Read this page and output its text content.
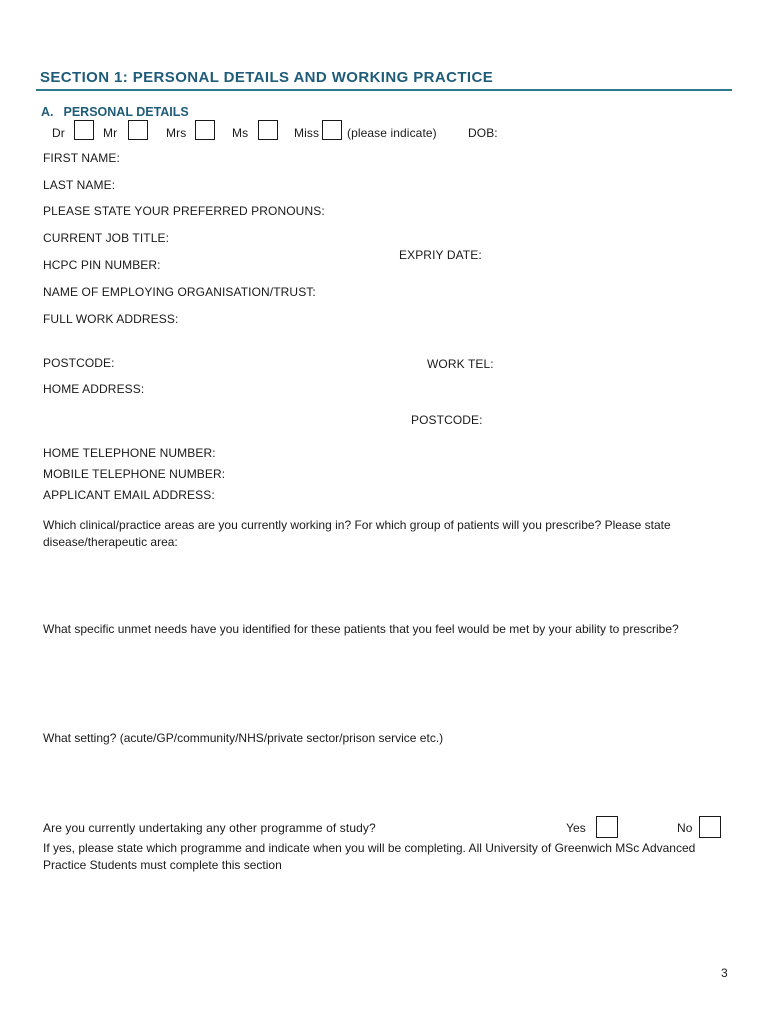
SECTION 1: PERSONAL DETAILS AND WORKING PRACTICE
A. PERSONAL DETAILS
Dr	Mr	Mrs	Ms	Miss (please indicate)	DOB:
FIRST NAME:
LAST NAME:
PLEASE STATE YOUR PREFERRED PRONOUNS:
CURRENT JOB TITLE:
EXPRIY DATE:
HCPC PIN NUMBER:
NAME OF EMPLOYING ORGANISATION/TRUST:
FULL WORK ADDRESS:
POSTCODE:	WORK TEL:
HOME ADDRESS:
POSTCODE:
HOME TELEPHONE NUMBER:
MOBILE TELEPHONE NUMBER:
APPLICANT EMAIL ADDRESS:
Which clinical/practice areas are you currently working in? For which group of patients will you prescribe? Please state disease/therapeutic area:
What specific unmet needs have you identified for these patients that you feel would be met by your ability to prescribe?
What setting? (acute/GP/community/NHS/private sector/prison service etc.)
Are you currently undertaking any other programme of study?	Yes	No
If yes, please state which programme and indicate when you will be completing. All University of Greenwich MSc Advanced Practice Students must complete this section
3
